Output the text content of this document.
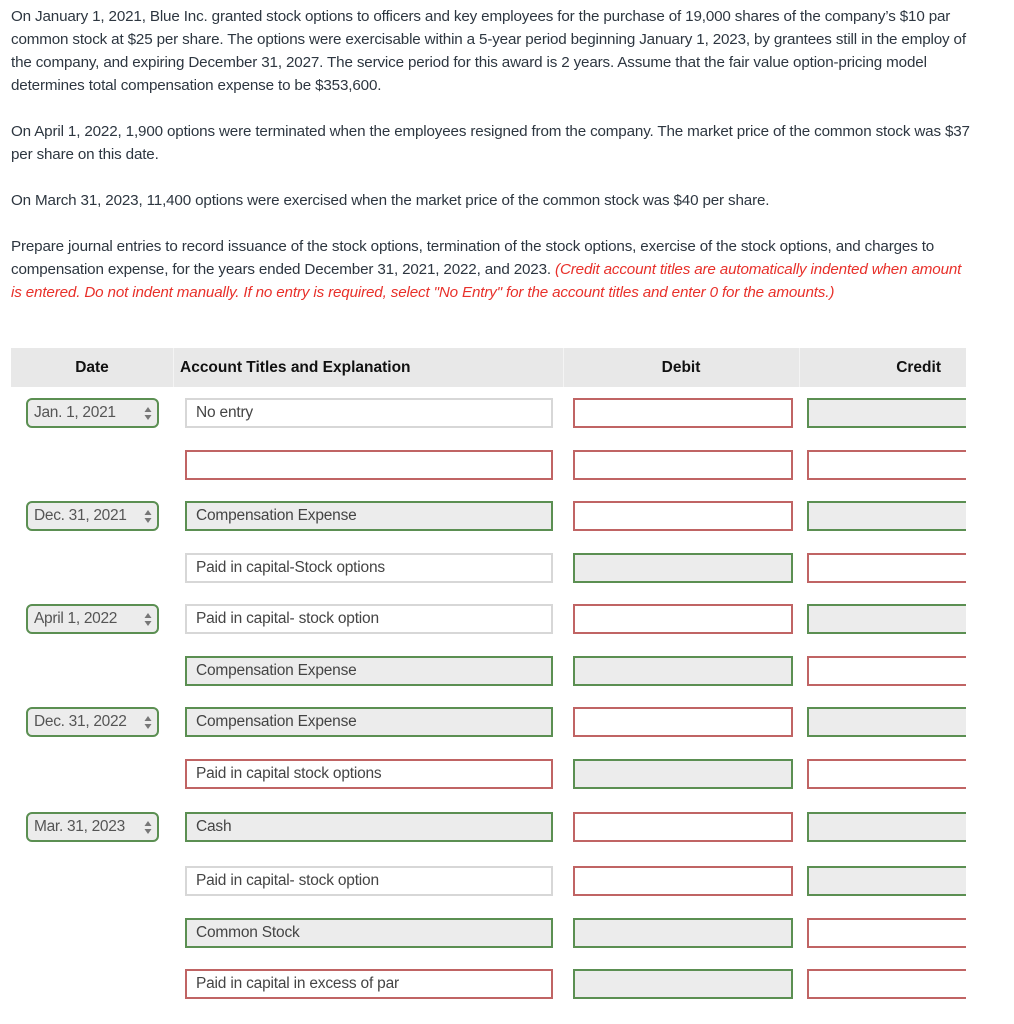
On January 1, 2021, Blue Inc. granted stock options to officers and key employees for the purchase of 19,000 shares of the company’s $10 par common stock at $25 per share. The options were exercisable within a 5-year period beginning January 1, 2023, by grantees still in the employ of the company, and expiring December 31, 2027. The service period for this award is 2 years. Assume that the fair value option-pricing model determines total compensation expense to be $353,600.

On April 1, 2022, 1,900 options were terminated when the employees resigned from the company. The market price of the common stock was $37 per share on this date.

On March 31, 2023, 11,400 options were exercised when the market price of the common stock was $40 per share.

Prepare journal entries to record issuance of the stock options, termination of the stock options, exercise of the stock options, and charges to compensation expense, for the years ended December 31, 2021, 2022, and 2023. (Credit account titles are automatically indented when amount is entered. Do not indent manually. If no entry is required, select "No Entry" for the account titles and enter 0 for the amounts.)

Date	Account Titles and Explanation	Debit	Credit
Jan. 1, 2021	No entry
Dec. 31, 2021	Compensation Expense
Paid in capital-Stock options
April 1, 2022	Paid in capital- stock option
Compensation Expense
Dec. 31, 2022	Compensation Expense
Paid in capital stock options
Mar. 31, 2023	Cash
Paid in capital- stock option
Common Stock
Paid in capital in excess of par
